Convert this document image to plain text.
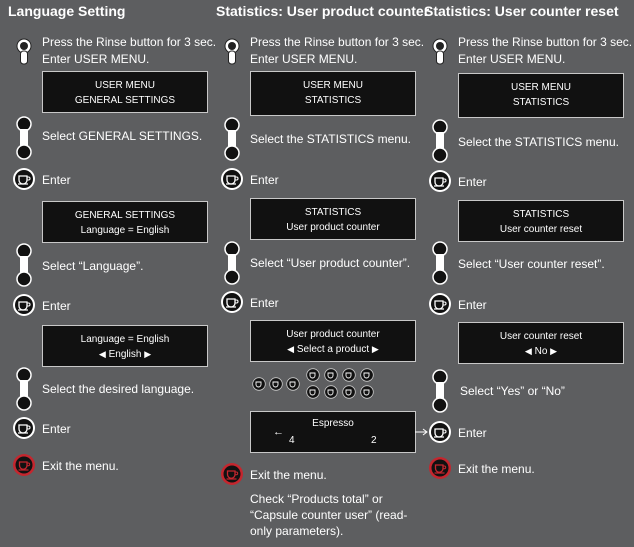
Language Setting
Press the Rinse button for 3 sec.
Enter USER MENU.
USER MENU
GENERAL SETTINGS
Select GENERAL SETTINGS.
Enter
GENERAL SETTINGS
Language = English
Select “Language”.
Enter
Language = English
◀ English ▶
Select the desired language.
Enter
Exit the menu.
Statistics: User product counter
Press the Rinse button for 3 sec.
Enter USER MENU.
USER MENU
STATISTICS
Select the STATISTICS menu.
Enter
STATISTICS
User product counter
Select “User product counter”.
Enter
User product counter
◀ Select a product ▶
Espresso
←
4	2
Exit the menu.
Check “Products total” or “Capsule counter user” (read-only parameters).
Statistics: User counter reset
Press the Rinse button for 3 sec.
Enter USER MENU.
USER MENU
STATISTICS
Select the STATISTICS menu.
Enter
STATISTICS
User counter reset
Select “User counter reset”.
Enter
User counter reset
◀ No ▶
Select “Yes” or “No”
Enter
Exit the menu.
